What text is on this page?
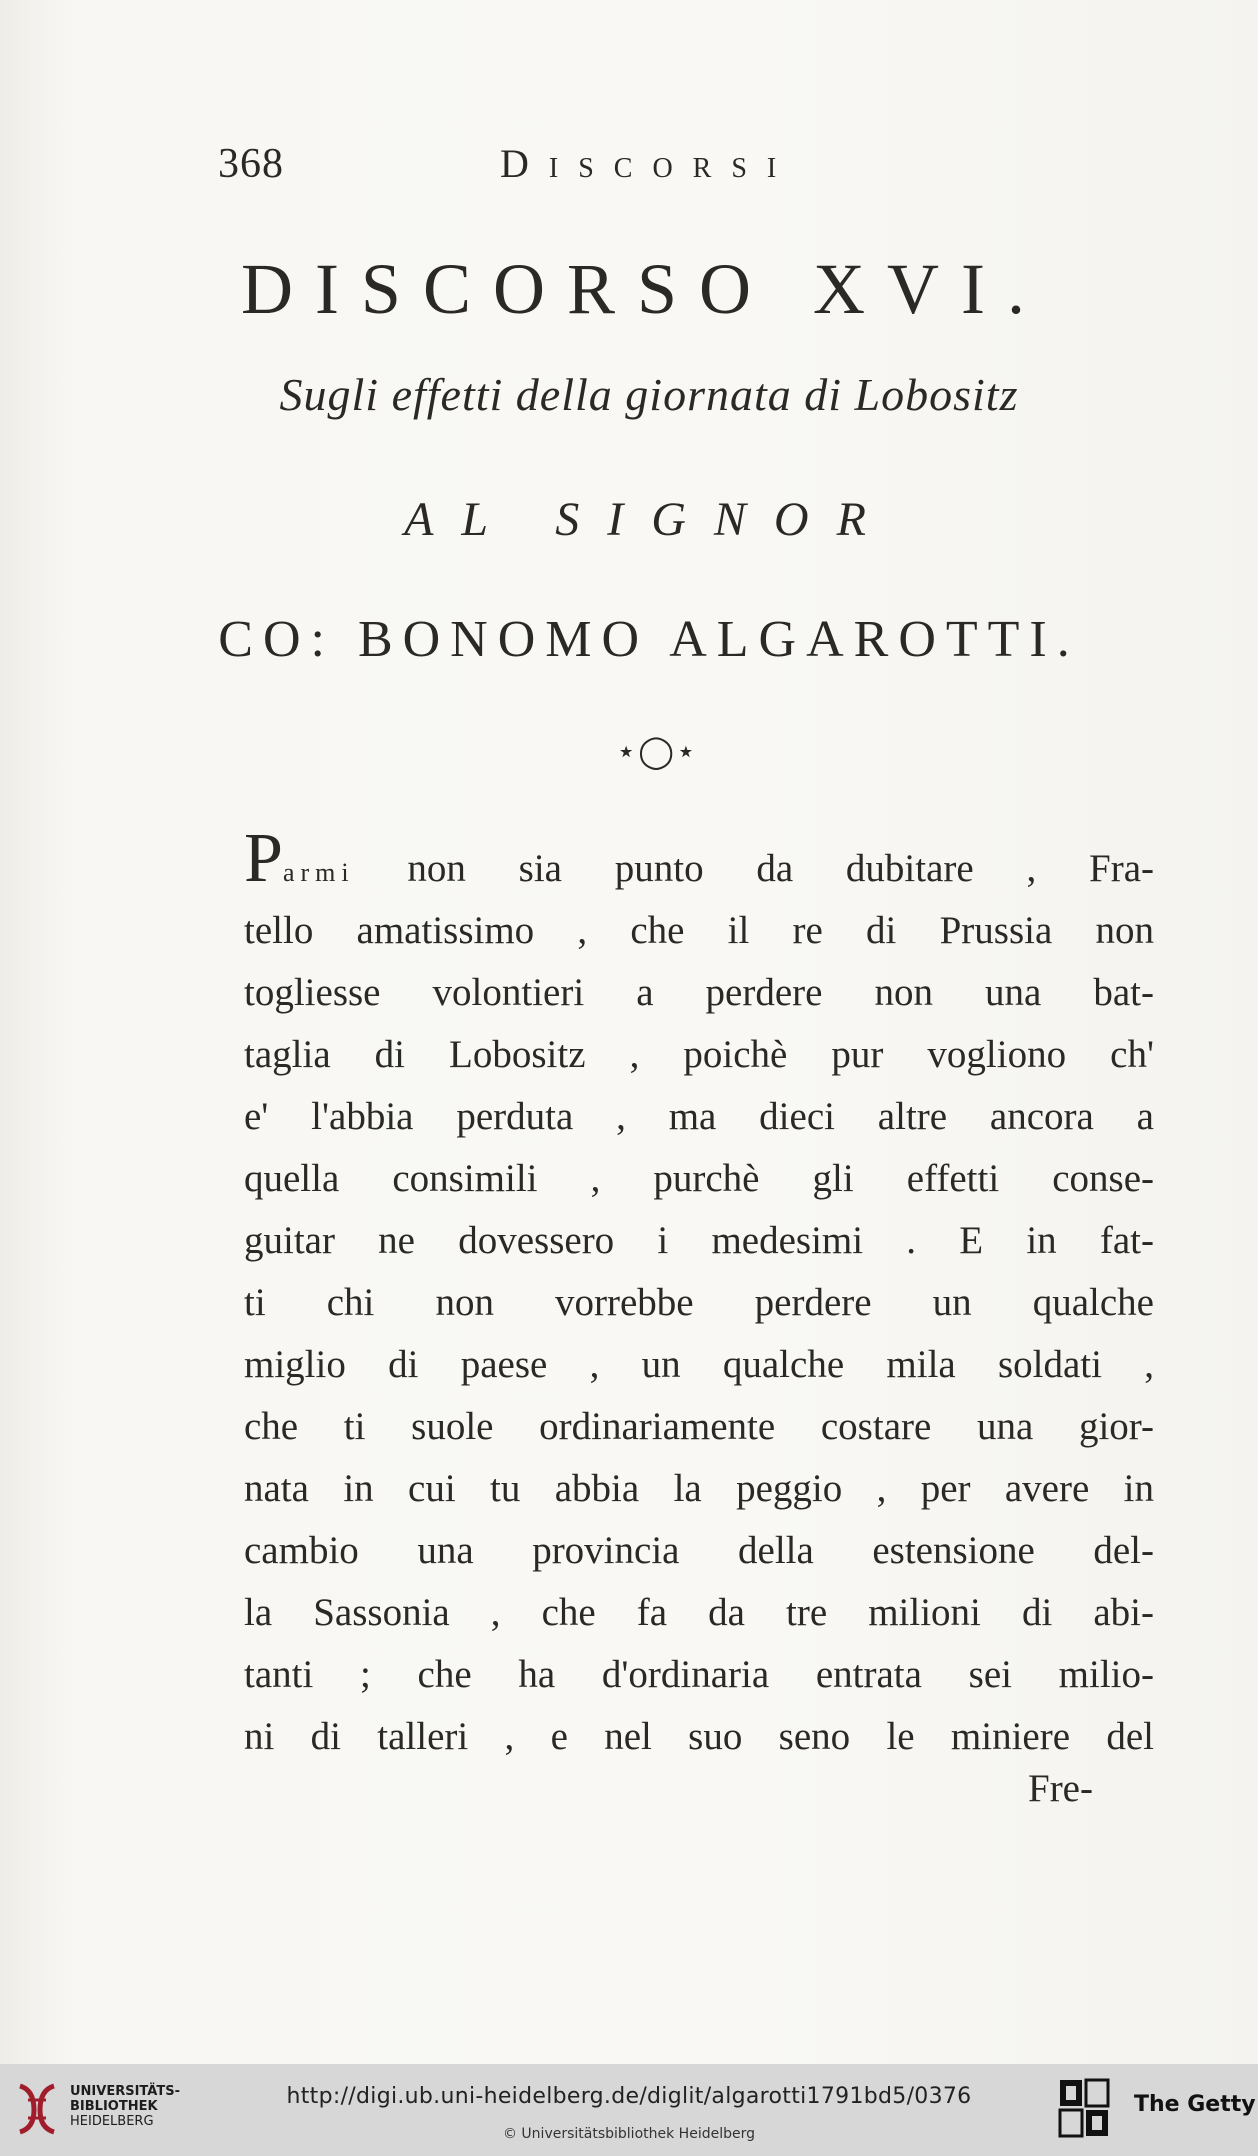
368	Discorsi
DISCORSO XVI.
Sugli effetti della giornata di Lobositz
AL SIGNOR
CO: BONOMO ALGAROTTI.
⋆◯⋆
Parmi non sia punto da dubitare , Fra-
tello amatissimo , che il re di Prussia non
togliesse volontieri a perdere non una bat-
taglia di Lobositz , poichè pur vogliono ch'
e' l'abbia perduta , ma dieci altre ancora a
quella consimili , purchè gli effetti conse-
guitar ne dovessero i medesimi . E in fat-
ti chi non vorrebbe perdere un qualche
miglio di paese , un qualche mila soldati ,
che ti suole ordinariamente costare una gior-
nata in cui tu abbia la peggio , per avere in
cambio una provincia della estensione del-
la Sassonia , che fa da tre milioni di abi-
tanti ; che ha d'ordinaria entrata sei milio-
ni di talleri , e nel suo seno le miniere del
Fre-
UNIVERSITÄTS-
BIBLIOTHEK
HEIDELBERG
http://digi.ub.uni-heidelberg.de/diglit/algarotti1791bd5/0376
© Universitätsbibliothek Heidelberg
The Getty
